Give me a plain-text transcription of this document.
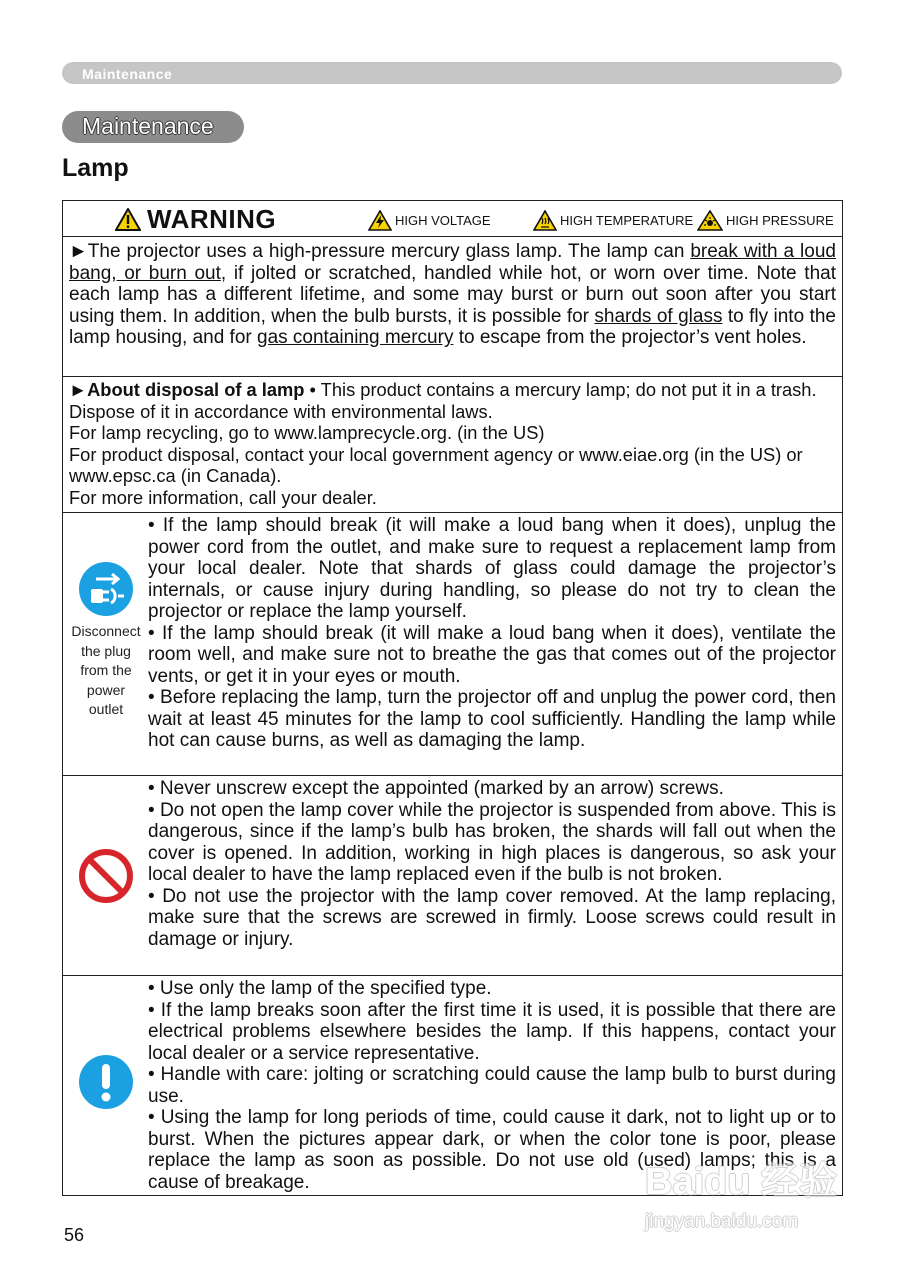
Maintenance
Maintenance
Lamp
WARNING	HIGH VOLTAGE	HIGH TEMPERATURE	HIGH PRESSURE
►The projector uses a high-pressure mercury glass lamp. The lamp can break with a loud bang, or burn out, if jolted or scratched, handled while hot, or worn over time. Note that each lamp has a different lifetime, and some may burst or burn out soon after you start using them. In addition, when the bulb bursts, it is possible for shards of glass to fly into the lamp housing, and for gas containing mercury to escape from the projector’s vent holes.
►About disposal of a lamp • This product contains a mercury lamp; do not put it in a trash. Dispose of it in accordance with environmental laws.
For lamp recycling, go to www.lamprecycle.org. (in the US)
For product disposal, contact your local government agency or www.eiae.org (in the US) or www.epsc.ca (in Canada).
For more information, call your dealer.
Disconnect the plug from the power outlet

• If the lamp should break (it will make a loud bang when it does), unplug the power cord from the outlet, and make sure to request a replacement lamp from your local dealer. Note that shards of glass could damage the projector’s internals, or cause injury during handling, so please do not try to clean the projector or replace the lamp yourself.

• If the lamp should break (it will make a loud bang when it does), ventilate the room well, and make sure not to breathe the gas that comes out of the projector vents, or get it in your eyes or mouth.

• Before replacing the lamp, turn the projector off and unplug the power cord, then wait at least 45 minutes for the lamp to cool sufficiently. Handling the lamp while hot can cause burns, as well as damaging the lamp.

• Never unscrew except the appointed (marked by an arrow) screws.

• Do not open the lamp cover while the projector is suspended from above. This is dangerous, since if the lamp’s bulb has broken, the shards will fall out when the cover is opened. In addition, working in high places is dangerous, so ask your local dealer to have the lamp replaced even if the bulb is not broken.

• Do not use the projector with the lamp cover removed. At the lamp replacing, make sure that the screws are screwed in firmly. Loose screws could result in damage or injury.

• Use only the lamp of the specified type.

• If the lamp breaks soon after the first time it is used, it is possible that there are electrical problems elsewhere besides the lamp. If this happens, contact your local dealer or a service representative.

• Handle with care: jolting or scratching could cause the lamp bulb to burst during use.

• Using the lamp for long periods of time, could cause it dark, not to light up or to burst. When the pictures appear dark, or when the color tone is poor, please replace the lamp as soon as possible. Do not use old (used) lamps; this is a cause of breakage.

56
Baidu 经验
jingyan.baidu.com
